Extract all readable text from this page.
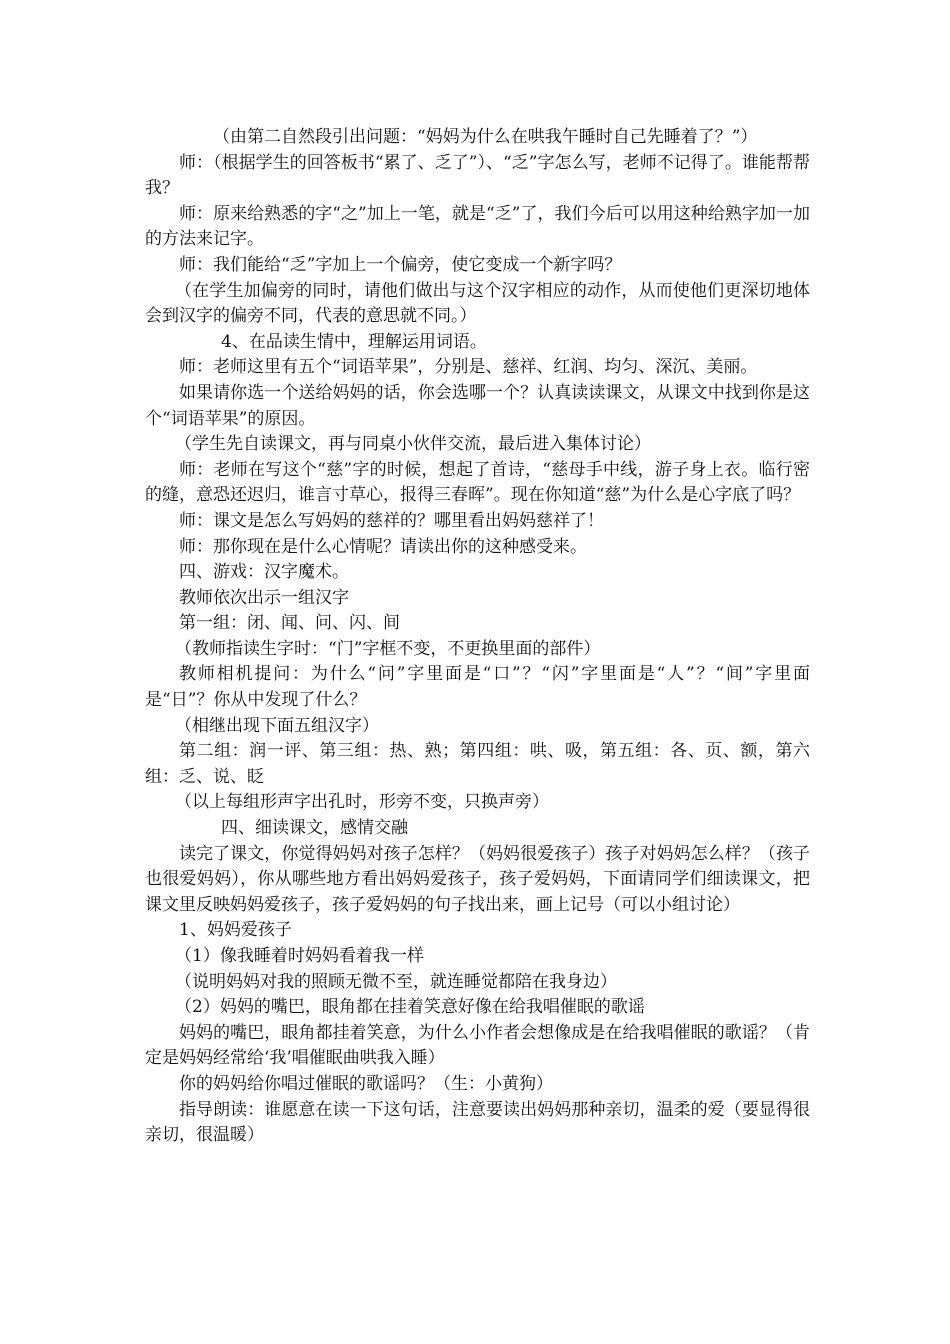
（由第二自然段引出问题：“妈妈为什么在哄我午睡时自己先睡着了？”）

师：（根据学生的回答板书“累了、乏了”）、“乏”字怎么写，老师不记得了。谁能帮帮我？

师：原来给熟悉的字“之”加上一笔，就是“乏”了，我们今后可以用这种给熟字加一加的方法来记字。

师：我们能给“乏”字加上一个偏旁，使它变成一个新字吗？

（在学生加偏旁的同时，请他们做出与这个汉字相应的动作，从而使他们更深切地体会到汉字的偏旁不同，代表的意思就不同。）

4、在品读生情中，理解运用词语。

师：老师这里有五个“词语苹果”，分别是、慈祥、红润、均匀、深沉、美丽。

如果请你选一个送给妈妈的话，你会选哪一个？认真读读课文，从课文中找到你是这个“词语苹果”的原因。

（学生先自读课文，再与同桌小伙伴交流，最后进入集体讨论）

师：老师在写这个“慈”字的时候，想起了首诗，“慈母手中线，游子身上衣。临行密的缝，意恐还迟归，谁言寸草心，报得三春晖”。现在你知道“慈”为什么是心字底了吗？

师：课文是怎么写妈妈的慈祥的？哪里看出妈妈慈祥了！

师：那你现在是什么心情呢？请读出你的这种感受来。

四、游戏：汉字魔术。

教师依次出示一组汉字

第一组：闭、闻、问、闪、间

（教师指读生字时：“门”字框不变，不更换里面的部件）

教师相机提问：为什么“问”字里面是“口”？“闪”字里面是“人”？“间”字里面是“日”？你从中发现了什么？

（相继出现下面五组汉字）

第二组：润一评、第三组：热、熟；第四组：哄、吸，第五组：各、页、额，第六组：乏、说、眨

（以上每组形声字出孔时，形旁不变，只换声旁）

四、细读课文，感情交融

读完了课文，你觉得妈妈对孩子怎样？（妈妈很爱孩子）孩子对妈妈怎么样？（孩子也很爱妈妈），你从哪些地方看出妈妈爱孩子，孩子爱妈妈，下面请同学们细读课文，把课文里反映妈妈爱孩子，孩子爱妈妈的句子找出来，画上记号（可以小组讨论）

1、妈妈爱孩子

（1）像我睡着时妈妈看着我一样

（说明妈妈对我的照顾无微不至，就连睡觉都陪在我身边）

（2）妈妈的嘴巴，眼角都在挂着笑意好像在给我唱催眠的歌谣

妈妈的嘴巴，眼角都挂着笑意，为什么小作者会想像成是在给我唱催眠的歌谣？（肯定是妈妈经常给‘我’唱催眠曲哄我入睡）

你的妈妈给你唱过催眠的歌谣吗？（生：小黄狗）

指导朗读：谁愿意在读一下这句话，注意要读出妈妈那种亲切，温柔的爱（要显得很亲切，很温暖）
